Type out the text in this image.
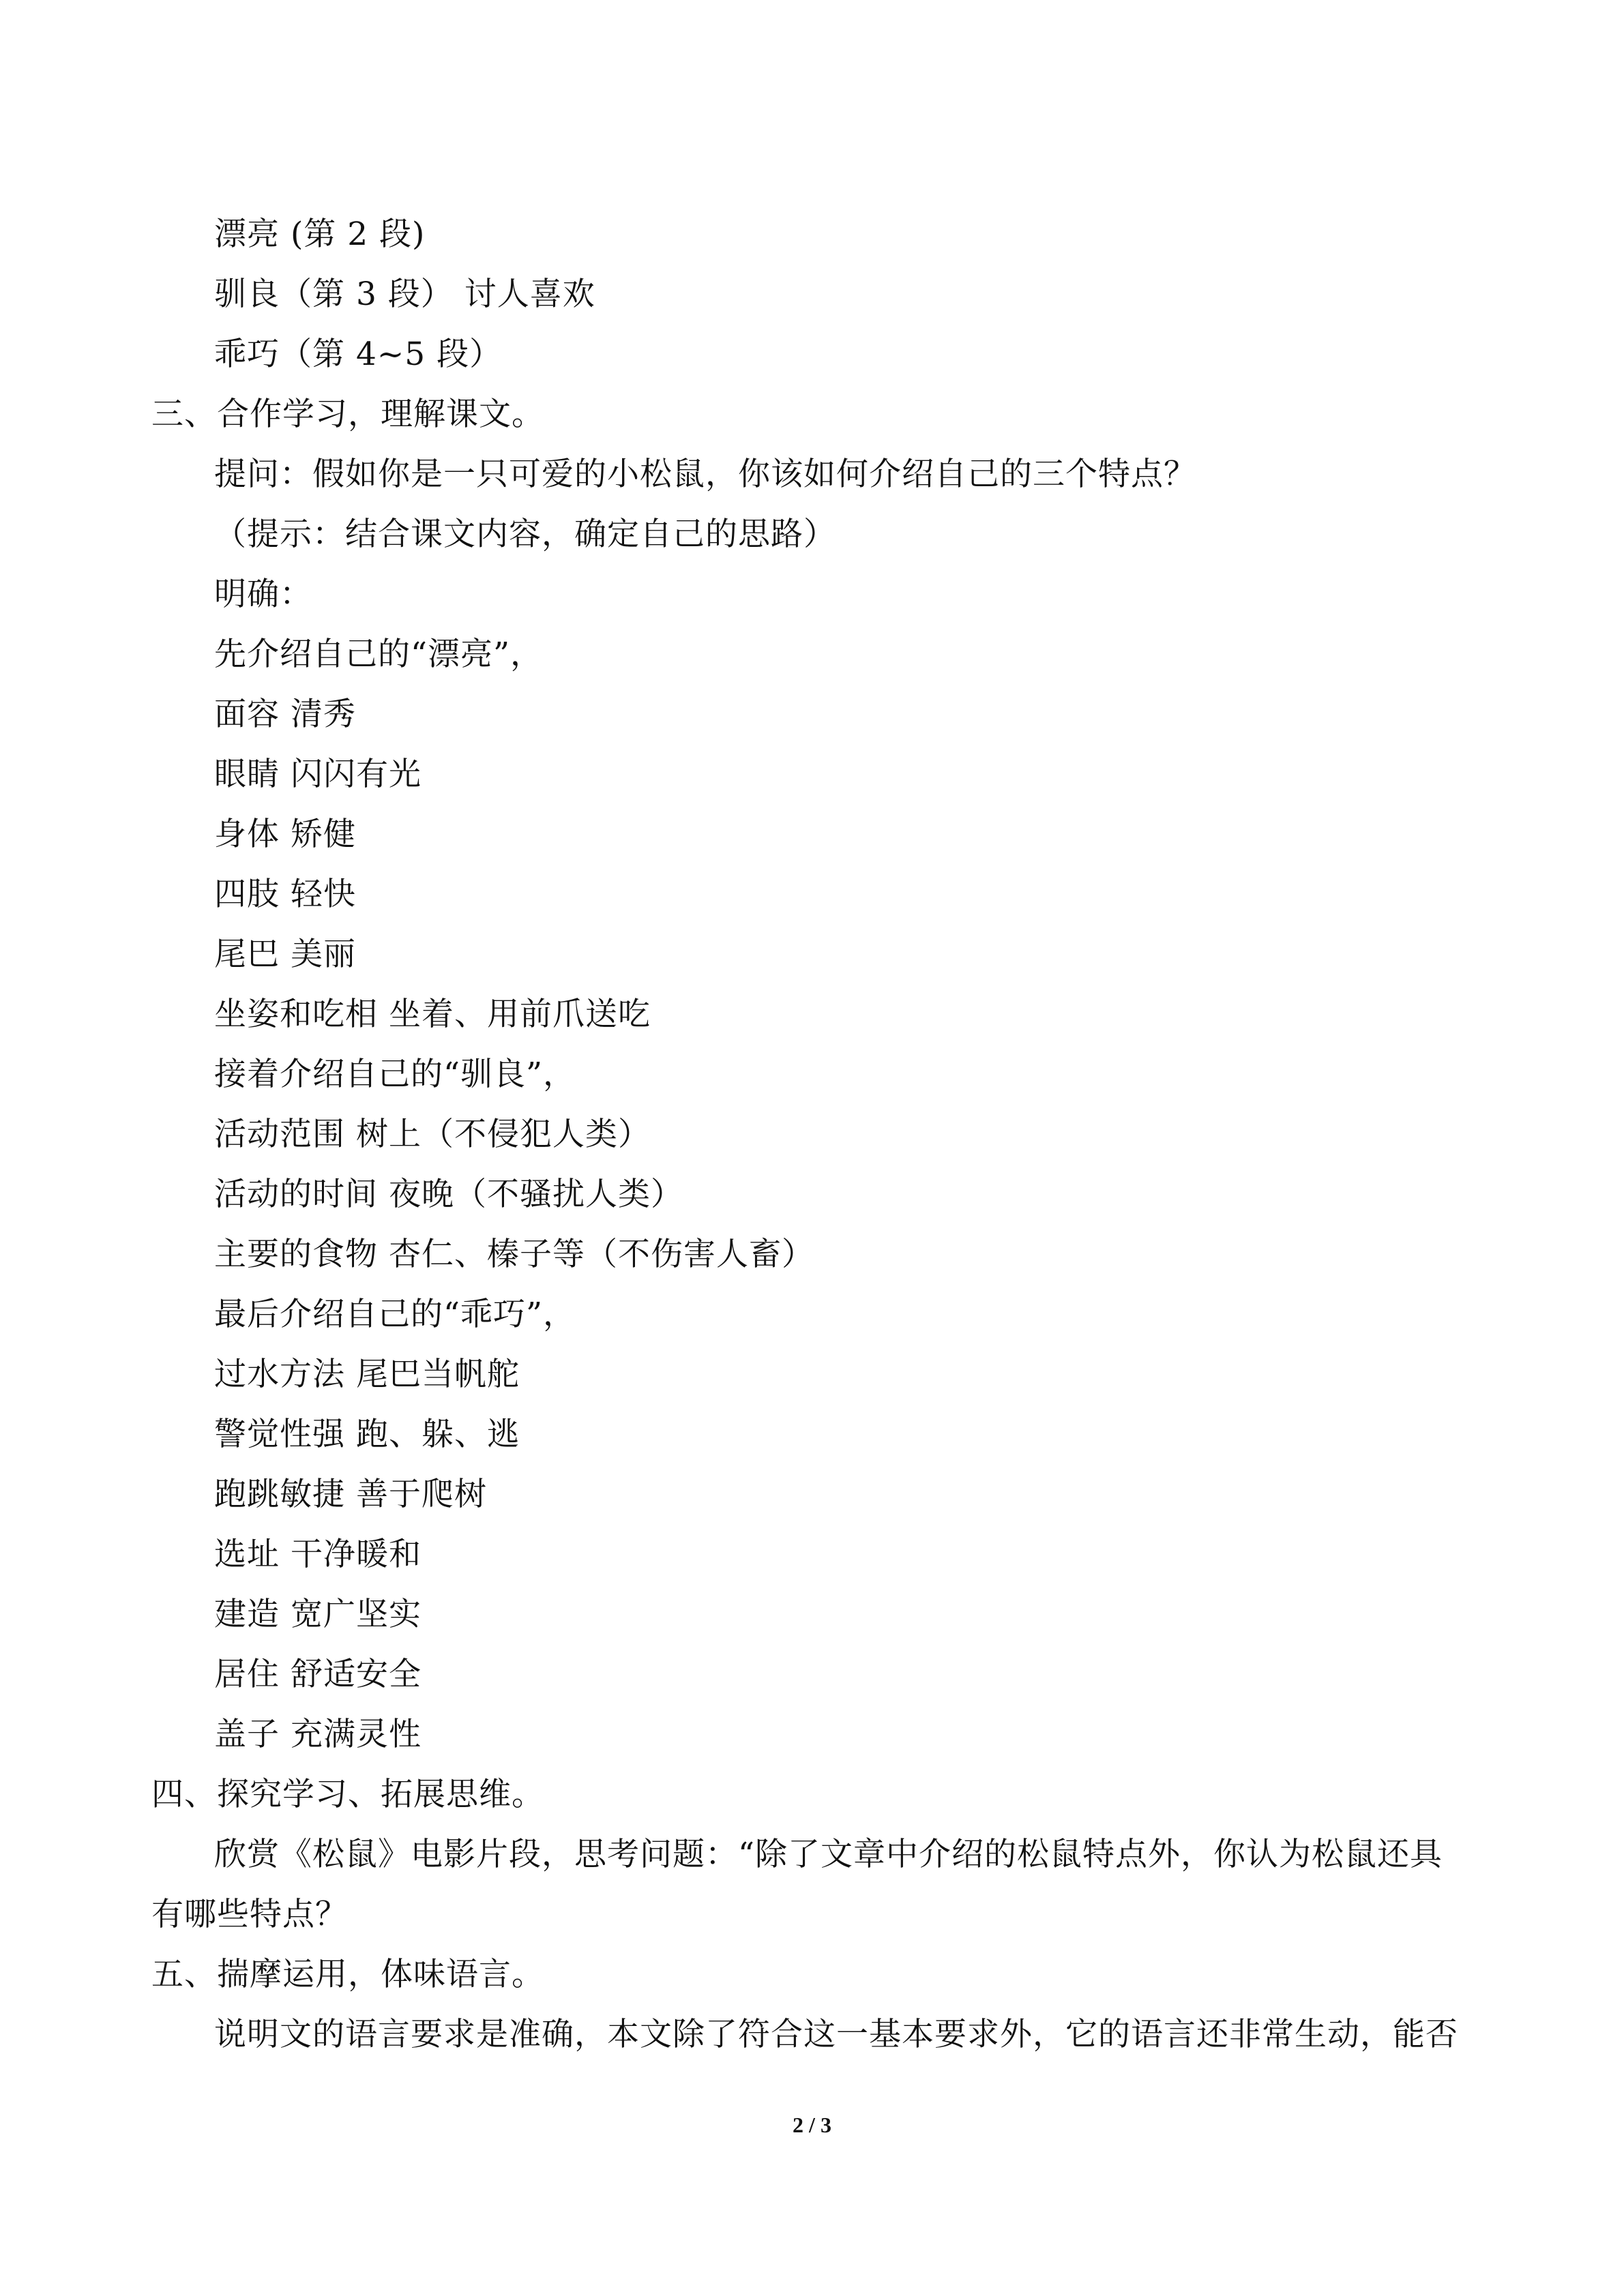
漂亮 (第 2 段)
驯良（第 3 段） 讨人喜欢
乖巧（第 4~5 段）
三、合作学习，理解课文。
提问：假如你是一只可爱的小松鼠，你该如何介绍自己的三个特点？
（提示：结合课文内容，确定自己的思路）
明确：
先介绍自己的“漂亮”，
面容 清秀
眼睛 闪闪有光
身体 矫健
四肢 轻快
尾巴 美丽
坐姿和吃相 坐着、用前爪送吃
接着介绍自己的“驯良”，
活动范围 树上（不侵犯人类）
活动的时间 夜晚（不骚扰人类）
主要的食物 杏仁、榛子等（不伤害人畜）
最后介绍自己的“乖巧”，
过水方法 尾巴当帆舵
警觉性强 跑、躲、逃
跑跳敏捷 善于爬树
选址 干净暖和
建造 宽广坚实
居住 舒适安全
盖子 充满灵性
四、探究学习、拓展思维。
欣赏《松鼠》电影片段，思考问题：“除了文章中介绍的松鼠特点外，你认为松鼠还具
有哪些特点？
五、揣摩运用，体味语言。
说明文的语言要求是准确，本文除了符合这一基本要求外，它的语言还非常生动，能否
2 / 3
